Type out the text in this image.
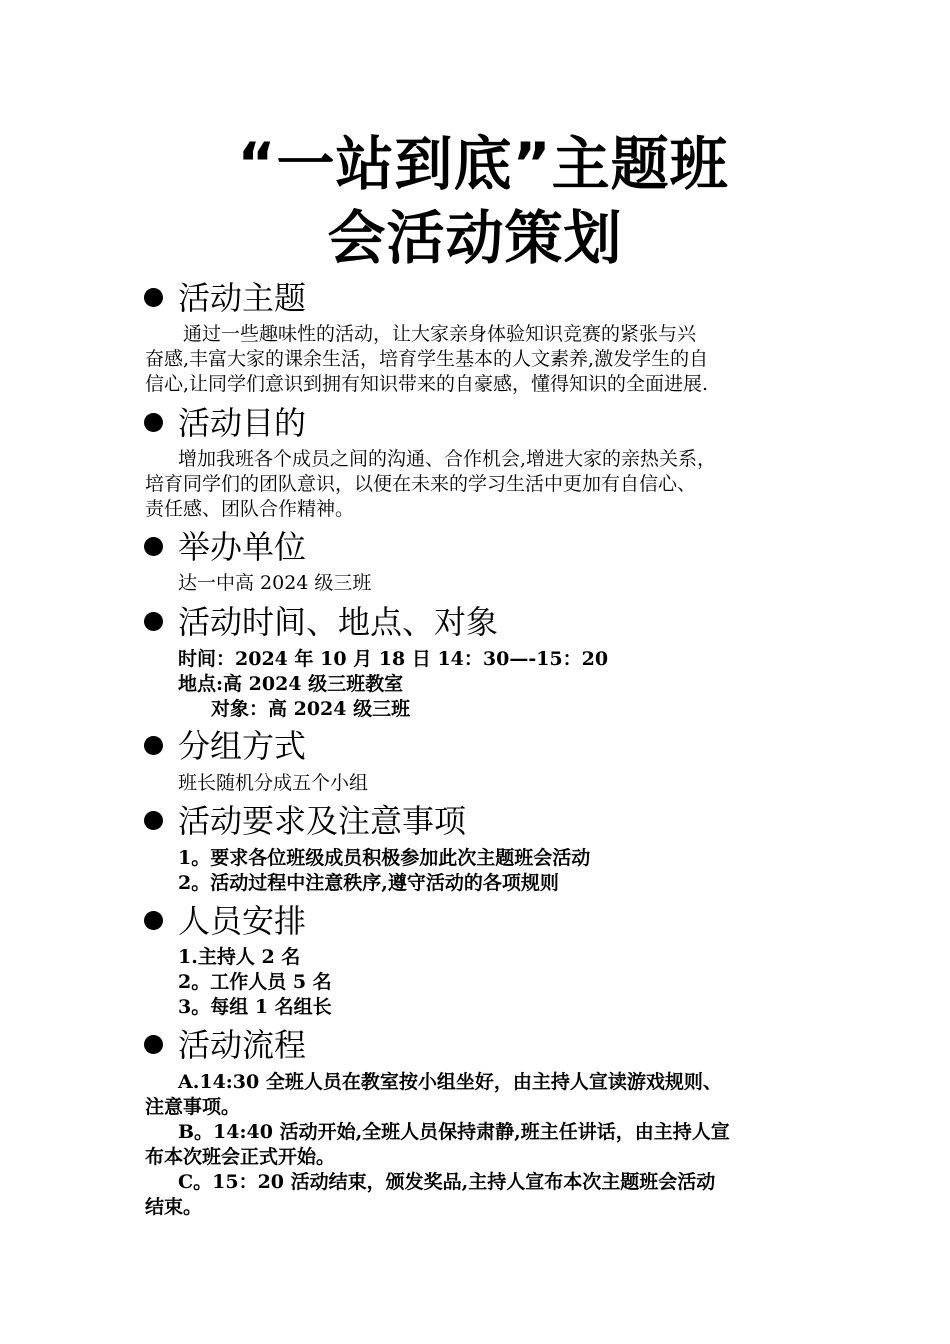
“一站到底”主题班
会活动策划
活动主题
通过一些趣味性的活动，让大家亲身体验知识竞赛的紧张与兴
奋感,丰富大家的课余生活，培育学生基本的人文素养,激发学生的自
信心,让同学们意识到拥有知识带来的自豪感，懂得知识的全面进展.
活动目的
增加我班各个成员之间的沟通、合作机会,增进大家的亲热关系，
培育同学们的团队意识，以便在未来的学习生活中更加有自信心、
责任感、团队合作精神。
举办单位
达一中高 2024 级三班
活动时间、地点、对象
时间：2024 年 10 月 18 日 14：30—-15：20
地点:高 2024 级三班教室
对象：高 2024 级三班
分组方式
班长随机分成五个小组
活动要求及注意事项
1。要求各位班级成员积极参加此次主题班会活动
2。活动过程中注意秩序,遵守活动的各项规则
人员安排
1.主持人 2 名
2。工作人员 5 名
3。每组 1 名组长
活动流程
A.14:30 全班人员在教室按小组坐好，由主持人宣读游戏规则、
注意事项。
B。14:40 活动开始,全班人员保持肃静,班主任讲话，由主持人宣
布本次班会正式开始。
C。15：20 活动结束，颁发奖品,主持人宣布本次主题班会活动
结束。
